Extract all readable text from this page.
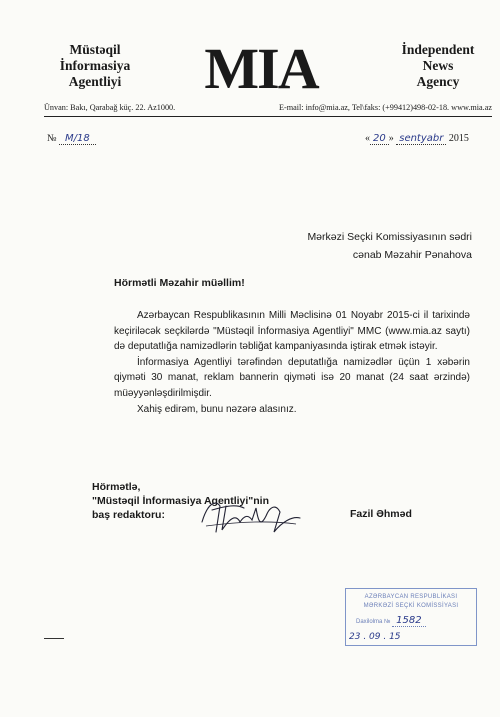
Müstəqil
İnformasiya
Agentliyi	MIA	İndependent
News
Agency
Ünvan: Bakı, Qarabağ küç. 22. Az1000.	E-mail: info@mia.az, Tel\faks: (+99412)498-02-18. www.mia.az
№ M/18	« 20 » sentyabr 2015
Mərkəzi Seçki Komissiyasının sədri
cənab Məzahir Pənahova
Hörmətli Məzahir müəllim!

Azərbaycan Respublikasının Milli Məclisinə 01 Noyabr 2015-ci il tarixində keçiriləcək seçkilərdə "Müstəqil İnformasiya Agentliyi" MMC (www.mia.az saytı) də deputatlığa namizədlərin təbliğat kampaniyasında iştirak etmək istəyir.

İnformasiya Agentliyi tərəfindən deputatlığa namizədlər üçün 1 xəbərin qiyməti 30 manat, reklam bannerin qiyməti isə 20 manat (24 saat ərzində) müəyyənləşdirilmişdir.

Xahiş edirəm, bunu nəzərə alasınız.

Hörmətlə,
"Müstəqil İnformasiya Agentliyi"nin
baş redaktoru:	Fazil Əhməd
AZƏRBAYCAN RESPUBLİKASI
MƏRKƏZİ SEÇKİ KOMİSSİYASI
Daxilolma № 1582
23 . 09 . 15
